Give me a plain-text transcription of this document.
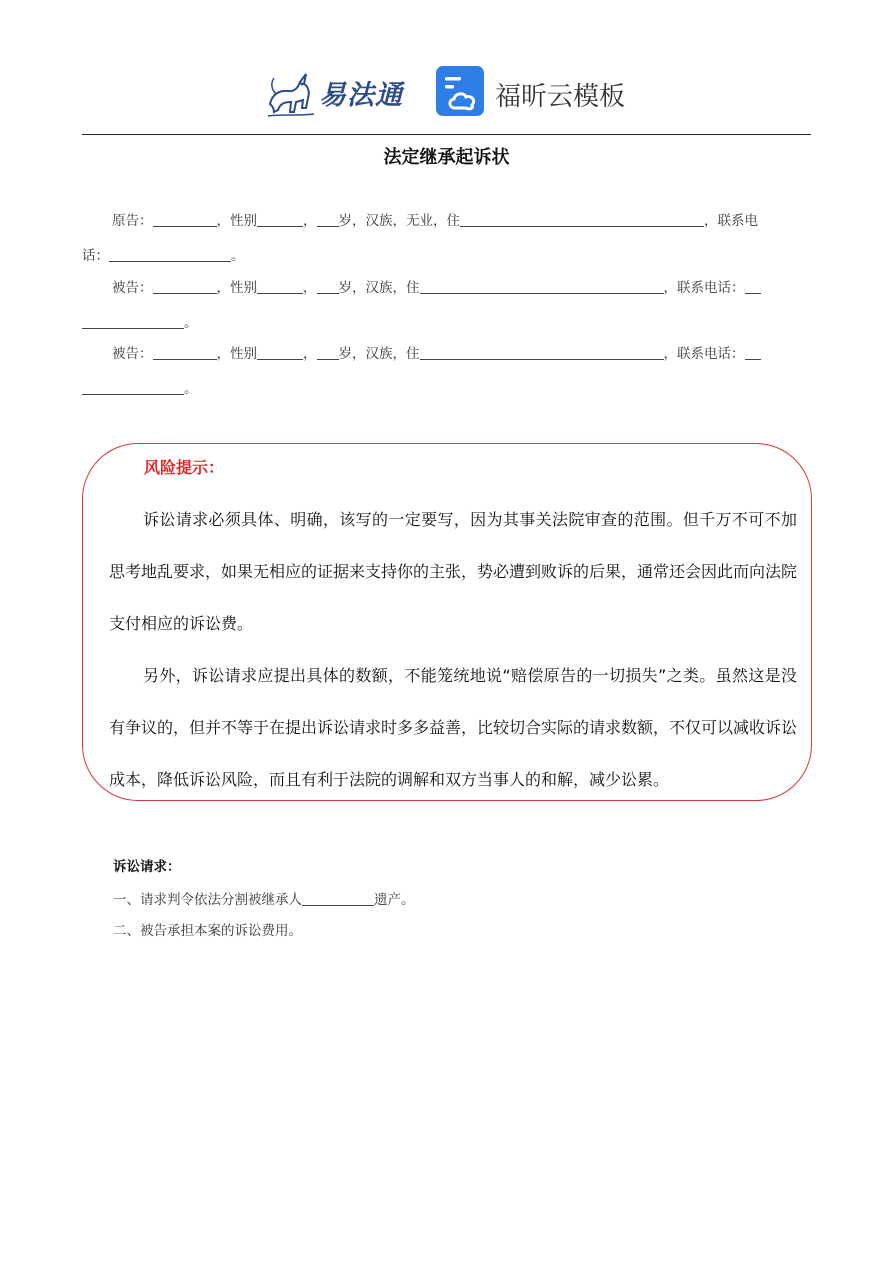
易法通	福昕云模板
法定继承起诉状

原告：	，性别	， 岁，汉族，无业，住	，联系电

话：	。

被告：	，性别	， 岁，汉族，住	，联系电话：

。

被告：	，性别	， 岁，汉族，住	，联系电话：

。

风险提示：

诉讼请求必须具体、明确，该写的一定要写，因为其事关法院审查的范围。但千万不可不加思考地乱要求，如果无相应的证据来支持你的主张，势必遭到败诉的后果，通常还会因此而向法院支付相应的诉讼费。

另外，诉讼请求应提出具体的数额，不能笼统地说“赔偿原告的一切损失”之类。虽然这是没有争议的，但并不等于在提出诉讼请求时多多益善，比较切合实际的请求数额，不仅可以减收诉讼成本，降低诉讼风险，而且有利于法院的调解和双方当事人的和解，减少讼累。

诉讼请求：
一、请求判令依法分割被继承人	遗产。
二、被告承担本案的诉讼费用。
